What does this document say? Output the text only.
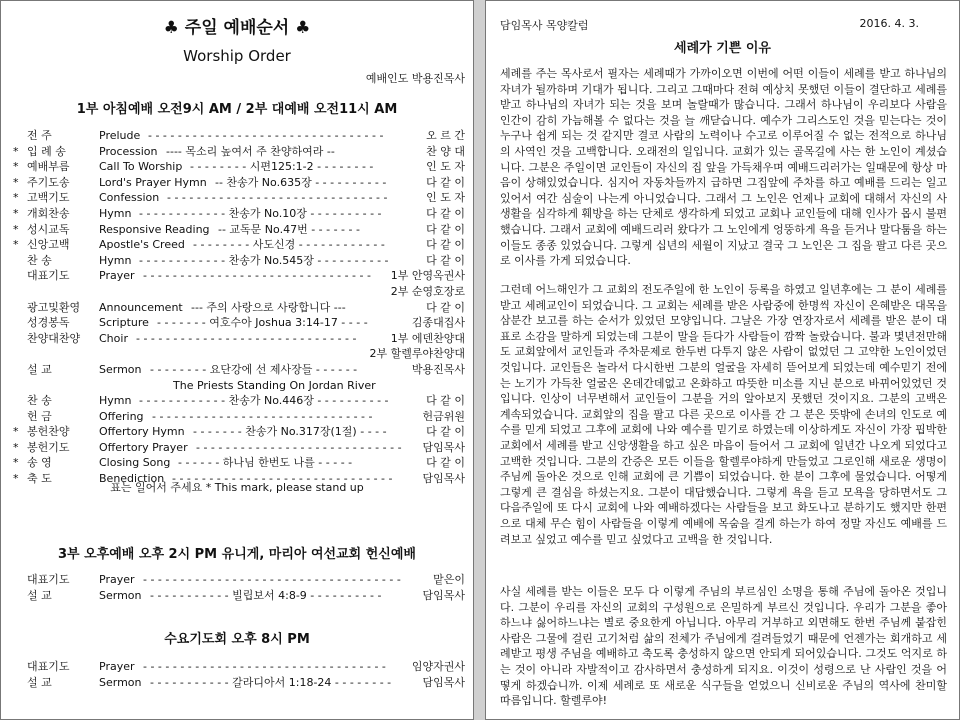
♣ 주일 예배순서 ♣
Worship Order
예배인도 박용진목사
1부 아침예배 오전9시 AM / 2부 대예배 오전11시 AM
전 주	Prelude - - - - - - - - - - - - - - - - - - - - - - - - - - - - - - - -	오 르 간
* 입 례 송	Procession ---- 목소리 높여서 주 찬양하여라 --	찬 양 대
* 예배부름	Call To Worship - - - - - - - - 시편125:1-2 - - - - - - - -	인 도 자
* 주기도송	Lord's Prayer Hymn -- 찬송가 No.635장 - - - - - - - - - -	다 같 이
* 고백기도	Confession - - - - - - - - - - - - - - - - - - - - - - - - - - - - - -	인 도 자
* 개회찬송	Hymn - - - - - - - - - - - - 찬송가 No.10장 - - - - - - - - - -	다 같 이
* 성시교독	Responsive Reading -- 교독문 No.47번 - - - - - - -	다 같 이
* 신앙고백	Apostle's Creed - - - - - - - - 사도신경 - - - - - - - - - - - -	다 같 이
찬 송	Hymn - - - - - - - - - - - - 찬송가 No.545장 - - - - - - - - - -	다 같 이
대표기도	Prayer - - - - - - - - - - - - - - - - - - - - - - - - - - - - - - -	1부 안영옥권사
2부 순영호장로
광고및환영	Announcement --- 주의 사랑으로 사랑합니다 ---	다 같 이
성경봉독	Scripture - - - - - - - 여호수아 Joshua 3:14-17 - - - -	김종대집사
찬양대찬양	Choir - - - - - - - - - - - - - - - - - - - - - - - - - - - - - -	1부 에덴찬양대
2부 할렐루야찬양대
설 교	Sermon - - - - - - - - 요단강에 선 제사장들 - - - - - -	박용진목사
The Priests Standing On Jordan River
찬 송	Hymn - - - - - - - - - - - - 찬송가 No.446장 - - - - - - - - - -	다 같 이
헌 금	Offering - - - - - - - - - - - - - - - - - - - - - - - - - - - - - -	헌금위원
* 봉헌찬양	Offertory Hymn - - - - - - - 찬송가 No.317장(1절) - - - -	다 같 이
* 봉헌기도	Offertory Prayer - - - - - - - - - - - - - - - - - - - - - - - - - - - -	담임목사
* 송 영	Closing Song - - - - - - 하나님 한번도 나를 - - - - -	다 같 이
* 축 도	Benediction - - - - - - - - - - - - - - - - - - - - - - - - - - - - - -	담임목사
표는 일어서 주세요 * This mark, please stand up
3부 오후예배 오후 2시 PM 유니게, 마리아 여선교회 헌신예배
대표기도	Prayer - - - - - - - - - - - - - - - - - - - - - - - - - - - - - - - - - - -	맡은이
설 교	Sermon - - - - - - - - - - - 빌립보서 4:8-9 - - - - - - - - - -	담임목사
수요기도회 오후 8시 PM
대표기도	Prayer - - - - - - - - - - - - - - - - - - - - - - - - - - - - - - - - -	임양자권사
설 교	Sermon - - - - - - - - - - - 갈라디아서 1:18-24 - - - - - - - -	담임목사
담임목사 목양칼럼	2016. 4. 3.
세례가 기쁜 이유

세례를 주는 목사로서 필자는 세례때가 가까이오면 이번에 어떤 이들이 세례를 받고 하나님의 자녀가 될까하며 기대가 됩니다. 그리고 그때마다 전혀 예상치 못했던 이들이 결단하고 세례를 받고 하나님의 자녀가 되는 것을 보며 놀랄때가 많습니다. 그래서 하나님이 우리보다 사람을 인간이 감히 가늠해볼 수 없다는 것을 늘 깨닫습니다. 예수가 그리스도인 것을 믿는다는 것이 누구나 쉽게 되는 것 같지만 결코 사람의 노력이나 수고로 이루어질 수 없는 전적으로 하나님의 사역인 것을 고백합니다. 오래전의 일입니다. 교회가 있는 골목길에 사는 한 노인이 계셨습니다. 그분은 주일이면 교인들이 자신의 집 앞을 가득채우며 예배드리러가는 일때문에 항상 마음이 상해있었습니다. 심지어 자동차들까지 급하면 그집앞에 주차를 하고 예배를 드리는 일고 있어서 여간 심술이 나는게 아니었습니다. 그래서 그 노인은 언제나 교회에 대해서 자신의 사생활을 심각하게 훼방을 하는 단체로 생각하게 되었고 교회나 교인들에 대해 인사가 몹시 불편했습니다. 그래서 교회에 예배드리러 왔다가 그 노인에게 엉뚱하게 욕을 듣거나 말다툼을 하는 이들도 종종 있었습니다. 그렇게 십년의 세월이 지났고 결국 그 노인은 그 집을 팔고 다른 곳으로 이사를 가게 되었습니다.

그런데 어느해인가 그 교회의 전도주일에 한 노인이 등록을 하였고 일년후에는 그 분이 세례를 받고 세례교인이 되었습니다. 그 교회는 세례를 받은 사람중에 한명씩 자신이 은혜받은 대목을 삼분간 보고를 하는 순서가 있었던 모양입니다. 그날은 가장 연장자로서 세례를 받은 분이 대표로 소감을 말하게 되었는데 그분이 말을 듣다가 사람들이 깜짝 놀랐습니다. 불과 몇년전만해도 교회앞에서 교인들과 주차문제로 한두번 다투지 않은 사람이 없었던 그 고약한 노인이었던 것입니다. 교인들은 놀라서 다시한번 그분의 얼굴을 자세히 뜯어보게 되었는데 예수믿기 전에는 노기가 가득찬 얼굴은 온데간데없고 온화하고 따뜻한 미소를 지닌 분으로 바뀌어있었던 것입니다. 인상이 너무변해서 교인들이 그분을 거의 알아보지 못했던 것이지요. 그분의 고백은 계속되었습니다. 교회앞의 집을 팔고 다른 곳으로 이사를 간 그 분은 뜻밖에 손녀의 인도로 예수를 믿게 되었고 그후에 교회에 나와 예수를 믿기로 하였는데 이상하게도 자신이 가장 핍박한 교회에서 세례를 받고 신앙생활을 하고 싶은 마음이 들어서 그 교회에 일년간 나오게 되었다고 고백한 것입니다. 그분의 간증은 모든 이들을 할렐루야하게 만들었고 그로인해 새로운 생명이 주님께 돌아온 것으로 인해 교회에 큰 기쁨이 되었습니다. 한 분이 그후에 물었습니다. 어떻게 그렇게 큰 결심을 하셨는지요. 그분이 대답했습니다. 그렇게 욕을 듣고 모욕을 당하면서도 그 다음주일에 또 다시 교회에 나와 예배하겠다는 사람들을 보고 화도나고 분하기도 했지만 한편으로 대체 무슨 힘이 사람들을 이렇게 예배에 목숨을 걸게 하는가 하여 정말 자신도 예배를 드려보고 싶었고 예수를 믿고 싶었다고 고백을 한 것입니다.

사실 세례를 받는 이들은 모두 다 이렇게 주님의 부르심인 소명을 통해 주님에 돌아온 것입니다. 그분이 우리를 자신의 교회의 구성원으로 은밀하게 부르신 것입니다. 우리가 그분을 좋아하느냐 싫어하느냐는 별로 중요한게 아닙니다. 아무리 거부하고 외면해도 한번 주님께 붙잡힌 사람은 그물에 걸린 고기처럼 삶의 전체가 주님에게 걸려들었기 때문에 언젠가는 회개하고 세례받고 평생 주님을 예배하고 축도록 충성하지 않으면 안되게 되어있습니다. 그것도 억지로 하는 것이 아니라 자발적이고 감사하면서 충성하게 되지요. 이것이 성령으로 난 사람인 것을 어떻게 하겠습니까. 이제 세례로 또 새로운 식구들을 얻었으니 신비로운 주님의 역사에 찬미할 따름입니다. 할렐루야!
